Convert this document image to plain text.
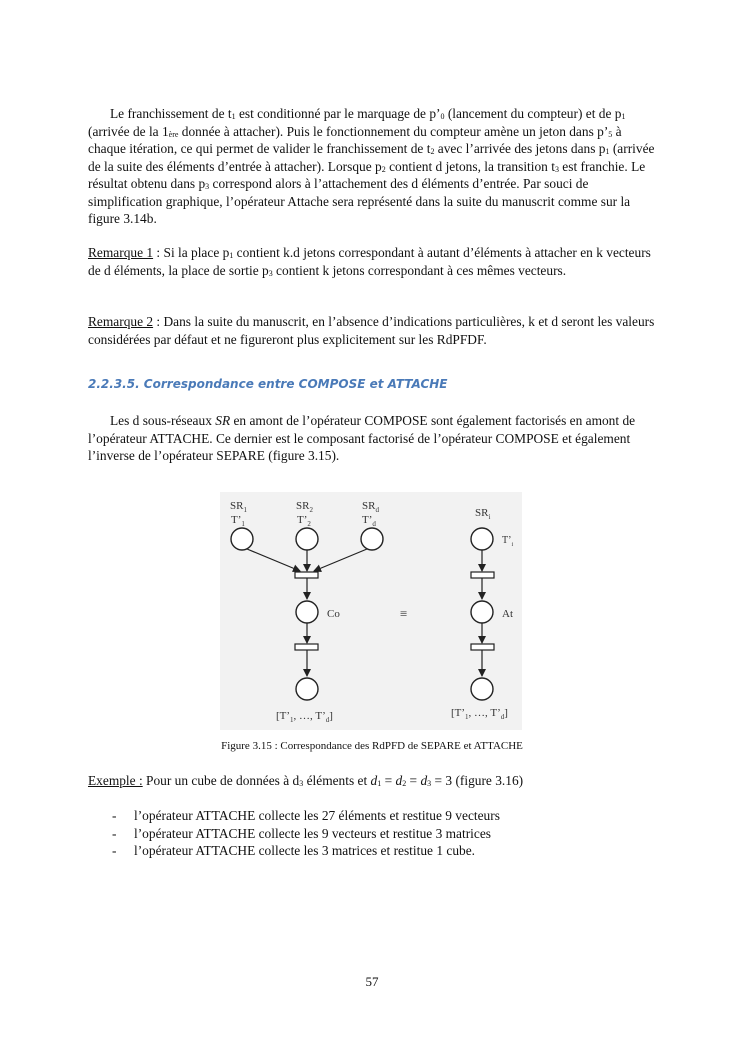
Le franchissement de $t_1$ est conditionné par le marquage de $p’_0$ (lancement du compteur) et de $p_1$ (arrivée de la $1_{ère}$ donnée à attacher). Puis le fonctionnement du compteur amène un jeton dans $p’_5$ à chaque itération, ce qui permet de valider le franchissement de $t_2$ avec l’arrivée des jetons dans $p_1$ (arrivée de la suite des éléments d’entrée à attacher). Lorsque $p_2$ contient d jetons, la transition $t_3$ est franchie. Le résultat obtenu dans $p_3$ correspond alors à l’attachement des d éléments d’entrée. Par souci de simplification graphique, l’opérateur Attache sera représenté dans la suite du manuscrit comme sur la figure 3.14b.

Remarque 1 : Si la place $p_1$ contient k.d jetons correspondant à autant d’éléments à attacher en k vecteurs de d éléments, la place de sortie $p_3$ contient k jetons correspondant à ces mêmes vecteurs.

Remarque 2 : Dans la suite du manuscrit, en l’absence d’indications particulières, k et d seront les valeurs considérées par défaut et ne figureront plus explicitement sur les RdPFDF.

2.2.3.5. Correspondance entre COMPOSE et ATTACHE

Les d sous-réseaux SR en amont de l’opérateur COMPOSE sont également factorisés en amont de l’opérateur ATTACHE. Ce dernier est le composant factorisé de l’opérateur COMPOSE et également l’inverse de l’opérateur SEPARE (figure 3.15).

$SR_1$
$T’_1$
$SR_2$
$T’_2$
$SR_d$
$T’_d$
Co
[$T’_1$, …, $T’_d$]
≡
$SR_i$
$T’_i$
At
[$T’_1$, …, $T’_d$]
Figure 3.15 : Correspondance des RdPFD de SEPARE et ATTACHE

Exemple : Pour un cube de données à $d_3$ éléments et $d_1 = d_2 = d_3 = 3$ (figure 3.16)

- l’opérateur ATTACHE collecte les 27 éléments et restitue 9 vecteurs
- l’opérateur ATTACHE collecte les 9 vecteurs et restitue 3 matrices
- l’opérateur ATTACHE collecte les 3 matrices et restitue 1 cube.
57
